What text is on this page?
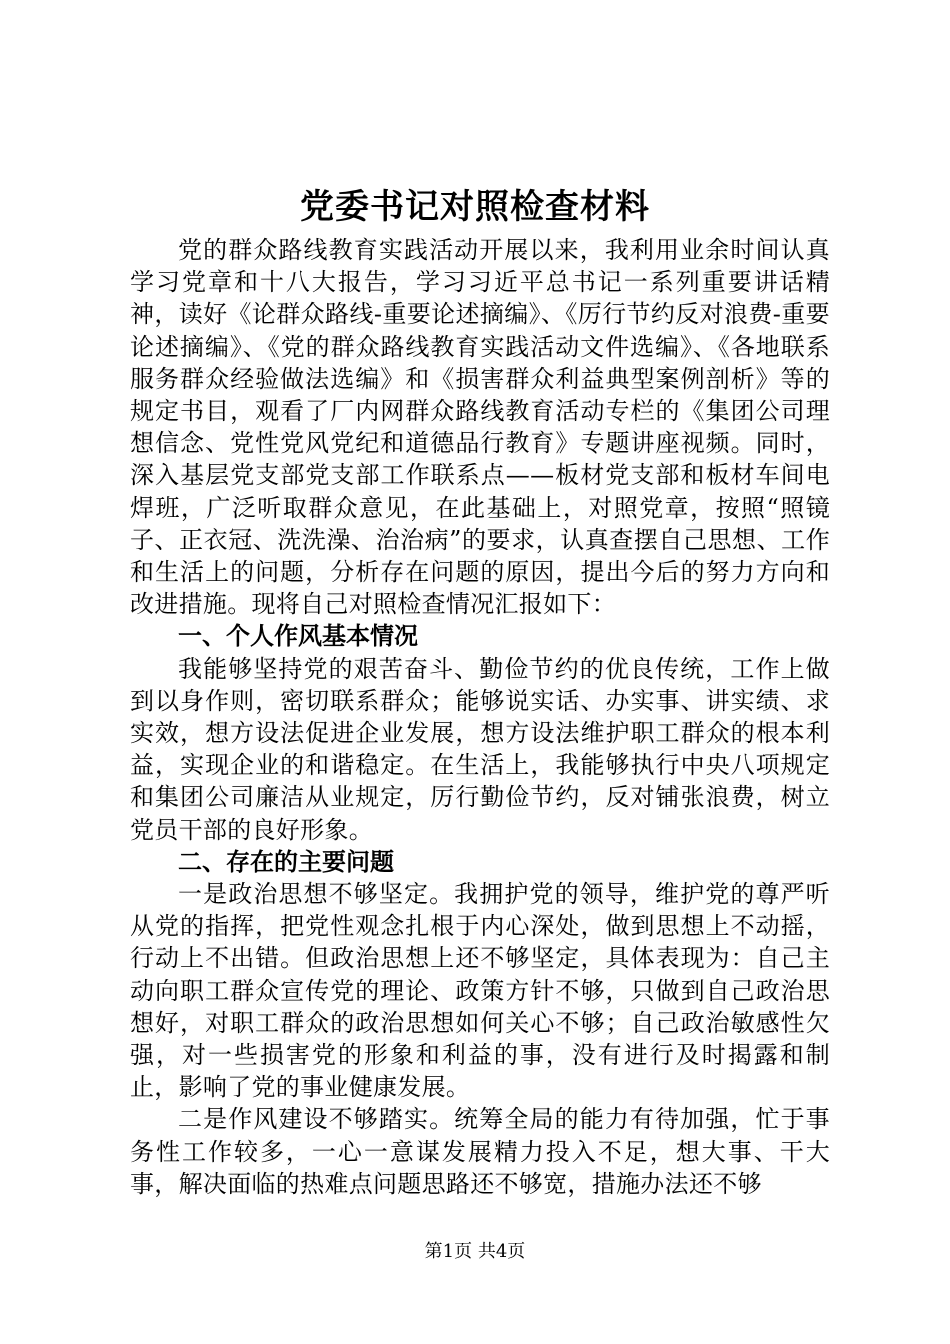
党委书记对照检查材料

党的群众路线教育实践活动开展以来，我利用业余时间认真学习党章和十八大报告，学习习近平总书记一系列重要讲话精神，读好《论群众路线-重要论述摘编》、《厉行节约反对浪费-重要论述摘编》、《党的群众路线教育实践活动文件选编》、《各地联系服务群众经验做法选编》和《损害群众利益典型案例剖析》等的规定书目，观看了厂内网群众路线教育活动专栏的《集团公司理想信念、党性党风党纪和道德品行教育》专题讲座视频。同时，深入基层党支部党支部工作联系点——板材党支部和板材车间电焊班，广泛听取群众意见，在此基础上，对照党章，按照“照镜子、正衣冠、洗洗澡、治治病”的要求，认真查摆自己思想、工作和生活上的问题，分析存在问题的原因，提出今后的努力方向和改进措施。现将自己对照检查情况汇报如下：

一、个人作风基本情况

我能够坚持党的艰苦奋斗、勤俭节约的优良传统，工作上做到以身作则，密切联系群众；能够说实话、办实事、讲实绩、求实效，想方设法促进企业发展，想方设法维护职工群众的根本利益，实现企业的和谐稳定。在生活上，我能够执行中央八项规定和集团公司廉洁从业规定，厉行勤俭节约，反对铺张浪费，树立党员干部的良好形象。

二、存在的主要问题

一是政治思想不够坚定。我拥护党的领导，维护党的尊严听从党的指挥，把党性观念扎根于内心深处，做到思想上不动摇，行动上不出错。但政治思想上还不够坚定，具体表现为：自己主动向职工群众宣传党的理论、政策方针不够，只做到自己政治思想好，对职工群众的政治思想如何关心不够；自己政治敏感性欠强，对一些损害党的形象和利益的事，没有进行及时揭露和制止，影响了党的事业健康发展。

二是作风建设不够踏实。统筹全局的能力有待加强，忙于事务性工作较多，一心一意谋发展精力投入不足，想大事、干大事，解决面临的热难点问题思路还不够宽，措施办法还不够

第1页 共4页
